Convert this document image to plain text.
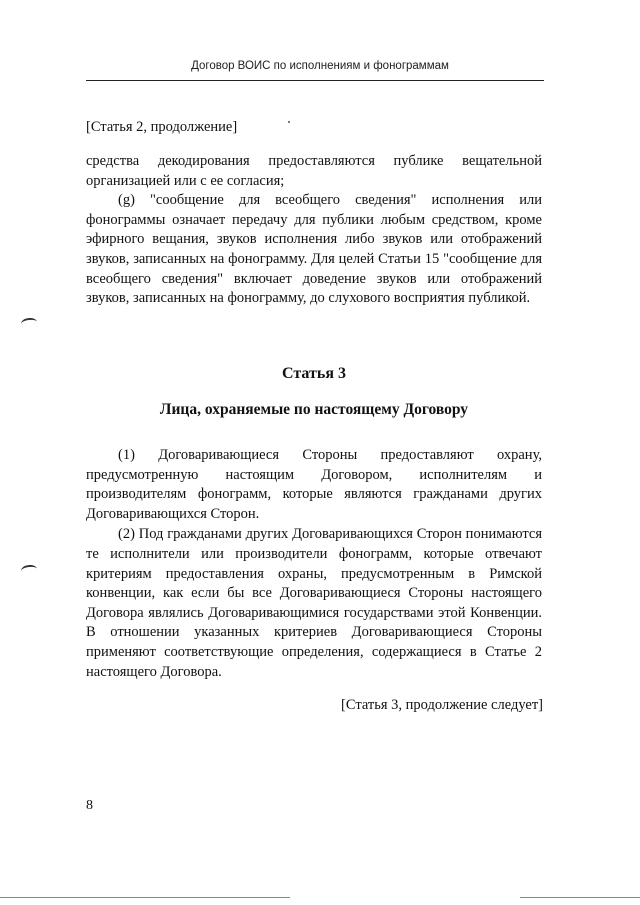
Договор ВОИС по исполнениям и фонограммам
[Статья 2, продолжение]

средства декодирования предоставляются публике вещательной организацией или с ее согласия;

(g) "сообщение для всеобщего сведения" исполнения или фонограммы означает передачу для публики любым средством, кроме эфирного вещания, звуков исполнения либо звуков или отображений звуков, записанных на фонограмму. Для целей Статьи 15 "сообщение для всеобщего сведения" включает доведение звуков или отображений звуков, записанных на фонограмму, до слухового восприятия публикой.

Статья 3
Лица, охраняемые по настоящему Договору

(1) Договаривающиеся Стороны предоставляют охрану, предусмотренную настоящим Договором, исполнителям и производителям фонограмм, которые являются гражданами других Договаривающихся Сторон.

(2) Под гражданами других Договаривающихся Сторон понимаются те исполнители или производители фонограмм, которые отвечают критериям предоставления охраны, предусмотренным в Римской конвенции, как если бы все Договаривающиеся Стороны настоящего Договора являлись Договаривающимися государствами этой Конвенции. В отношении указанных критериев Договаривающиеся Стороны применяют соответствующие определения, содержащиеся в Статье 2 настоящего Договора.

[Статья 3, продолжение следует]
8
